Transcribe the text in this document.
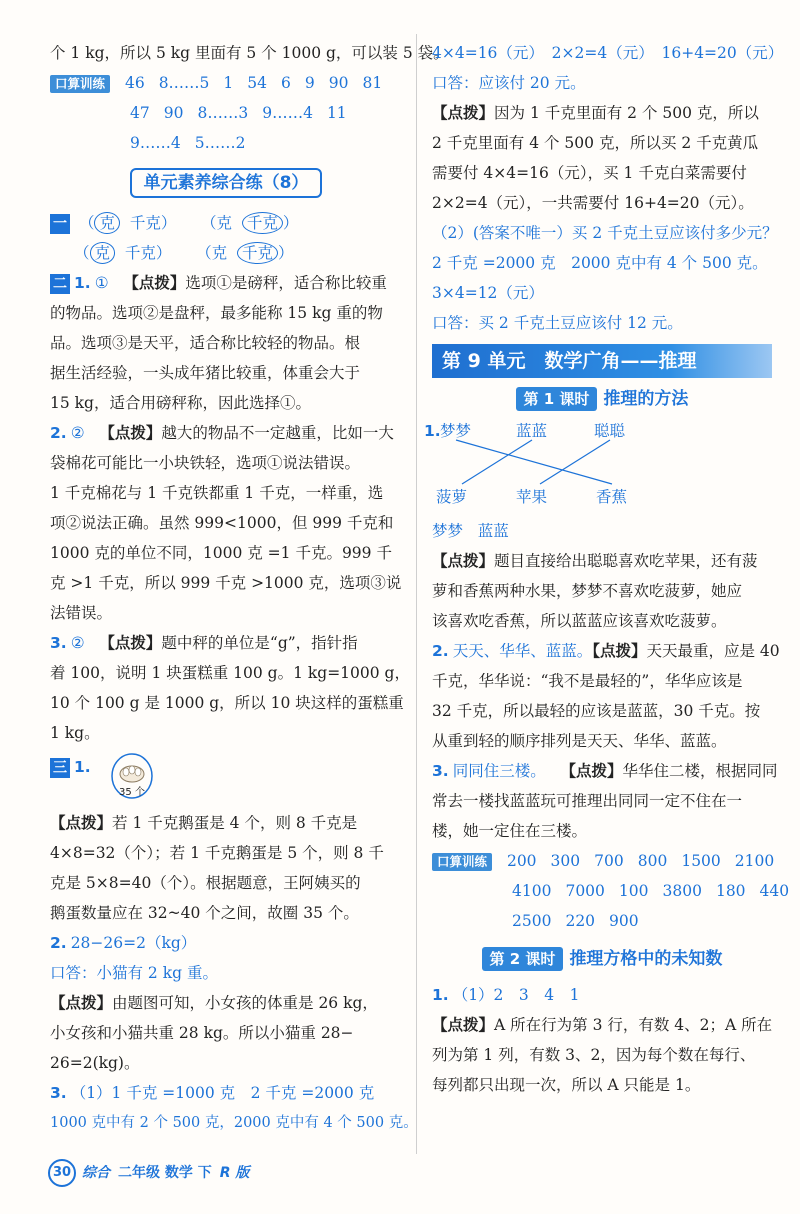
个 1 kg，所以 5 kg 里面有 5 个 1000 g，可以装 5 袋。
口算训练 46 8……5 1 54 6 9 90 81
47 90 8……3 9……4 11
9……4 5……2
单元素养综合练（8）
一 （ 克 千克） （克 千克 ）
（ 克 千克） （克 千克 ）
二 1. ① 【点拨】选项①是磅秤，适合称比较重
的物品。选项②是盘秤，最多能称 15 kg 重的物
品。选项③是天平，适合称比较轻的物品。根
据生活经验，一头成年猪比较重，体重会大于
15 kg，适合用磅秤称，因此选择①。
2. ② 【点拨】越大的物品不一定越重，比如一大
袋棉花可能比一小块铁轻，选项①说法错误。
1 千克棉花与 1 千克铁都重 1 千克，一样重，选
项②说法正确。虽然 999<1000，但 999 千克和
1000 克的单位不同，1000 克 =1 千克。999 千
克 >1 千克，所以 999 千克 >1000 克，选项③说
法错误。
3. ② 【点拨】题中秤的单位是“g”，指针指
着 100，说明 1 块蛋糕重 100 g。1 kg=1000 g，
10 个 100 g 是 1000 g，所以 10 块这样的蛋糕重
1 kg。
三 1.
35 个
【点拨】若 1 千克鹅蛋是 4 个，则 8 千克是
4×8=32（个）；若 1 千克鹅蛋是 5 个，则 8 千
克是 5×8=40（个）。根据题意，王阿姨买的
鹅蛋数量应在 32~40 个之间，故圈 35 个。
2. 28−26=2（kg）
口答：小猫有 2 kg 重。
【点拨】由题图可知，小女孩的体重是 26 kg，
小女孩和小猫共重 28 kg。所以小猫重 28−
26=2(kg)。
3. （1）1 千克 =1000 克　2 千克 =2000 克
1000 克中有 2 个 500 克，2000 克中有 4 个 500 克。
4×4=16（元）　2×2=4（元）　16+4=20（元）
口答：应该付 20 元。
【点拨】因为 1 千克里面有 2 个 500 克，所以
2 千克里面有 4 个 500 克，所以买 2 千克黄瓜
需要付 4×4=16（元），买 1 千克白菜需要付
2×2=4（元），一共需要付 16+4=20（元）。
（2）(答案不唯一）买 2 千克土豆应该付多少元？
2 千克 =2000 克　2000 克中有 4 个 500 克。
3×4=12（元）
口答：买 2 千克土豆应该付 12 元。
第 9 单元　数学广角——推理
第 1 课时 推理的方法
1. 梦梦	蓝蓝	聪聪
菠萝	苹果	香蕉
梦梦 蓝蓝
【点拨】题目直接给出聪聪喜欢吃苹果，还有菠
萝和香蕉两种水果，梦梦不喜欢吃菠萝，她应
该喜欢吃香蕉，所以蓝蓝应该喜欢吃菠萝。
2. 天天、华华、蓝蓝。【点拨】天天最重，应是 40
千克，华华说：“我不是最轻的”，华华应该是
32 千克，所以最轻的应该是蓝蓝，30 千克。按
从重到轻的顺序排列是天天、华华、蓝蓝。
3. 同同住三楼。 【点拨】华华住二楼，根据同同
常去一楼找蓝蓝玩可推理出同同一定不住在一
楼，她一定住在三楼。
口算训练 200 300 700 800 1500 2100
4100 7000 100 3800 180 440
2500 220 900
第 2 课时 推理方格中的未知数
1. （1）2　3　4　1
【点拨】A 所在行为第 3 行，有数 4、2；A 所在
列为第 1 列，有数 3、2，因为每个数在每行、
每列都只出现一次，所以 A 只能是 1。
30 综合 二年级 数学 下 R 版
